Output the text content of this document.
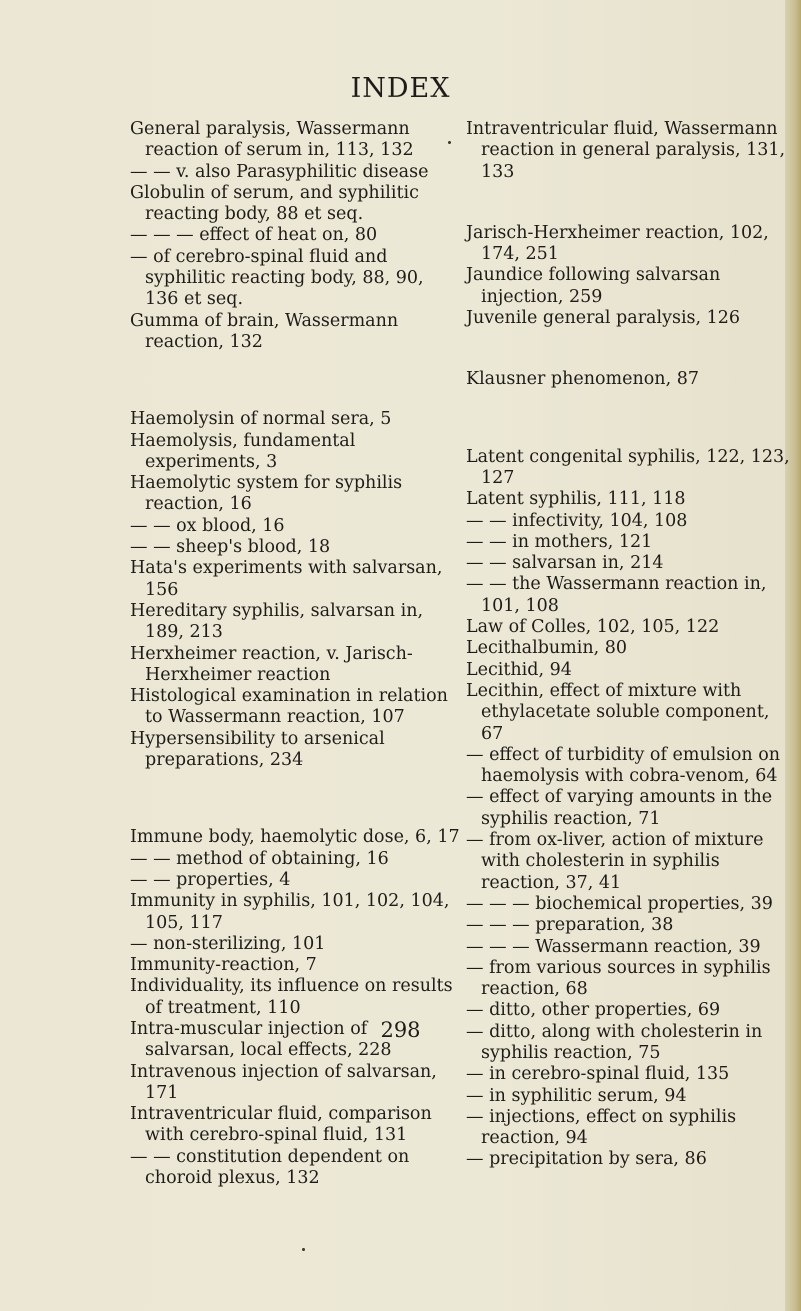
INDEX
General paralysis, Wassermann reaction of serum in, 113, 132
— — v. also Parasyphilitic disease
Globulin of serum, and syphilitic reacting body, 88 et seq.
— — — effect of heat on, 80
— of cerebro-spinal fluid and syphilitic reacting body, 88, 90, 136 et seq.
Gumma of brain, Wassermann reaction, 132
Haemolysin of normal sera, 5
Haemolysis, fundamental experiments, 3
Haemolytic system for syphilis reaction, 16
— — ox blood, 16
— — sheep's blood, 18
Hata's experiments with salvarsan, 156
Hereditary syphilis, salvarsan in, 189, 213
Herxheimer reaction, v. Jarisch-Herxheimer reaction
Histological examination in relation to Wassermann reaction, 107
Hypersensibility to arsenical preparations, 234
Immune body, haemolytic dose, 6, 17
— — method of obtaining, 16
— — properties, 4
Immunity in syphilis, 101, 102, 104, 105, 117
— non-sterilizing, 101
Immunity-reaction, 7
Individuality, its influence on results of treatment, 110
Intra-muscular injection of salvarsan, local effects, 228
Intravenous injection of salvarsan, 171
Intraventricular fluid, comparison with cerebro-spinal fluid, 131
— — constitution dependent on choroid plexus, 132
Intraventricular fluid, Wassermann reaction in general paralysis, 131, 133
Jarisch-Herxheimer reaction, 102, 174, 251
Jaundice following salvarsan injection, 259
Juvenile general paralysis, 126
Klausner phenomenon, 87
Latent congenital syphilis, 122, 123, 127
Latent syphilis, 111, 118
— — infectivity, 104, 108
— — in mothers, 121
— — salvarsan in, 214
— — the Wassermann reaction in, 101, 108
Law of Colles, 102, 105, 122
Lecithalbumin, 80
Lecithid, 94
Lecithin, effect of mixture with ethylacetate soluble component, 67
— effect of turbidity of emulsion on haemolysis with cobra-venom, 64
— effect of varying amounts in the syphilis reaction, 71
— from ox-liver, action of mixture with cholesterin in syphilis reaction, 37, 41
— — — biochemical properties, 39
— — — preparation, 38
— — — Wassermann reaction, 39
— from various sources in syphilis reaction, 68
— ditto, other properties, 69
— ditto, along with cholesterin in syphilis reaction, 75
— in cerebro-spinal fluid, 135
— in syphilitic serum, 94
— injections, effect on syphilis reaction, 94
— precipitation by sera, 86
298
